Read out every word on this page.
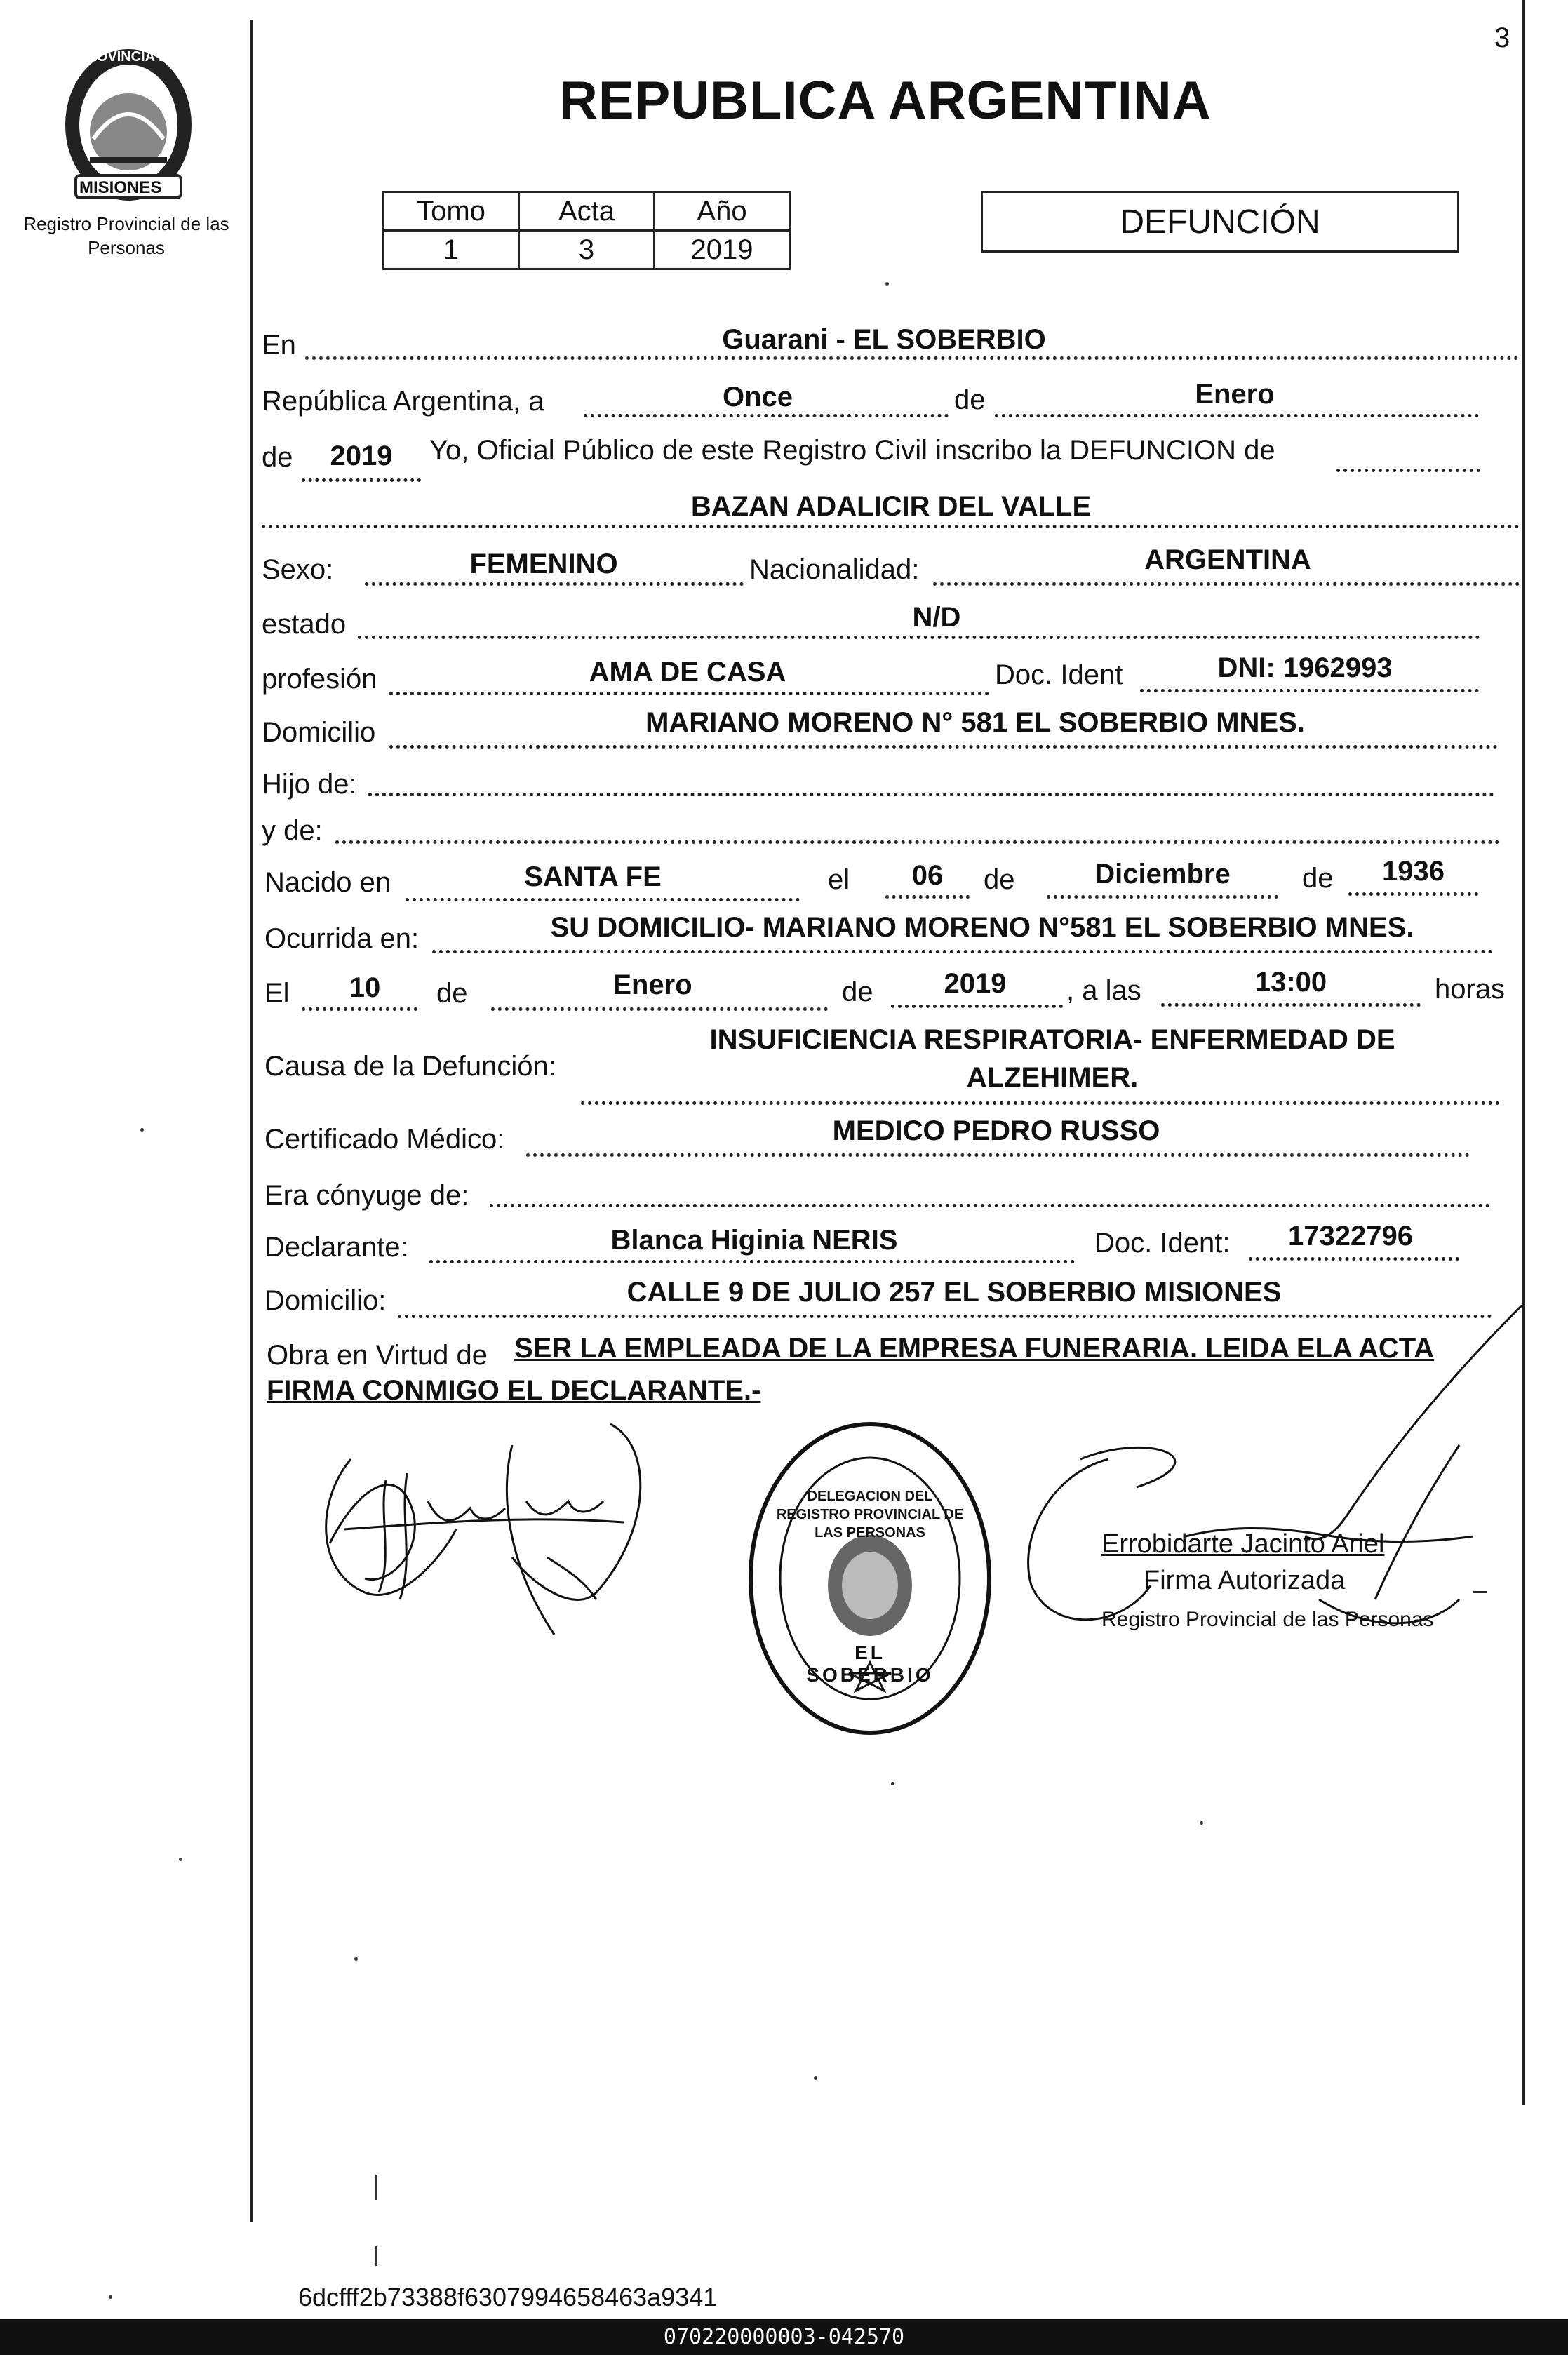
PROVINCIA DE
MISIONES
Registro Provincial de las Personas
3
REPUBLICA ARGENTINA
Tomo	Acta	Año
1	3	2019
DEFUNCIÓN
En	Guarani - EL SOBERBIO
República Argentina, a	Once	de	Enero
de	2019	Yo, Oficial Público de este Registro Civil inscribo la DEFUNCION de
BAZAN ADALICIR DEL VALLE
Sexo:	FEMENINO	Nacionalidad:	ARGENTINA
estado	N/D
profesión	AMA DE CASA	Doc. Ident	DNI: 1962993
Domicilio	MARIANO MORENO N° 581 EL SOBERBIO MNES.
Hijo de:
y de:
Nacido en	SANTA FE	el	06	de	Diciembre	de	1936
Ocurrida en:	SU DOMICILIO- MARIANO MORENO N°581 EL SOBERBIO MNES.
El	10	de	Enero	de	2019	, a las	13:00	horas
Causa de la Defunción:
INSUFICIENCIA RESPIRATORIA- ENFERMEDAD DE
ALZEHIMER.
Certificado Médico:	MEDICO PEDRO RUSSO
Era cónyuge de:
Declarante:	Blanca Higinia NERIS	Doc. Ident:	17322796
Domicilio:	CALLE 9 DE JULIO 257 EL SOBERBIO MISIONES
Obra en Virtud de SER LA EMPLEADA DE LA EMPRESA FUNERARIA. LEIDA ELA ACTA
FIRMA CONMIGO EL DECLARANTE.-
DELEGACION DEL REGISTRO PROVINCIAL DE LAS PERSONAS
EL SOBERBIO
Errobidarte Jacinto Ariel
Firma Autorizada
Registro Provincial de las Personas
6dcfff2b73388f6307994658463a9341
070220000003-042570
